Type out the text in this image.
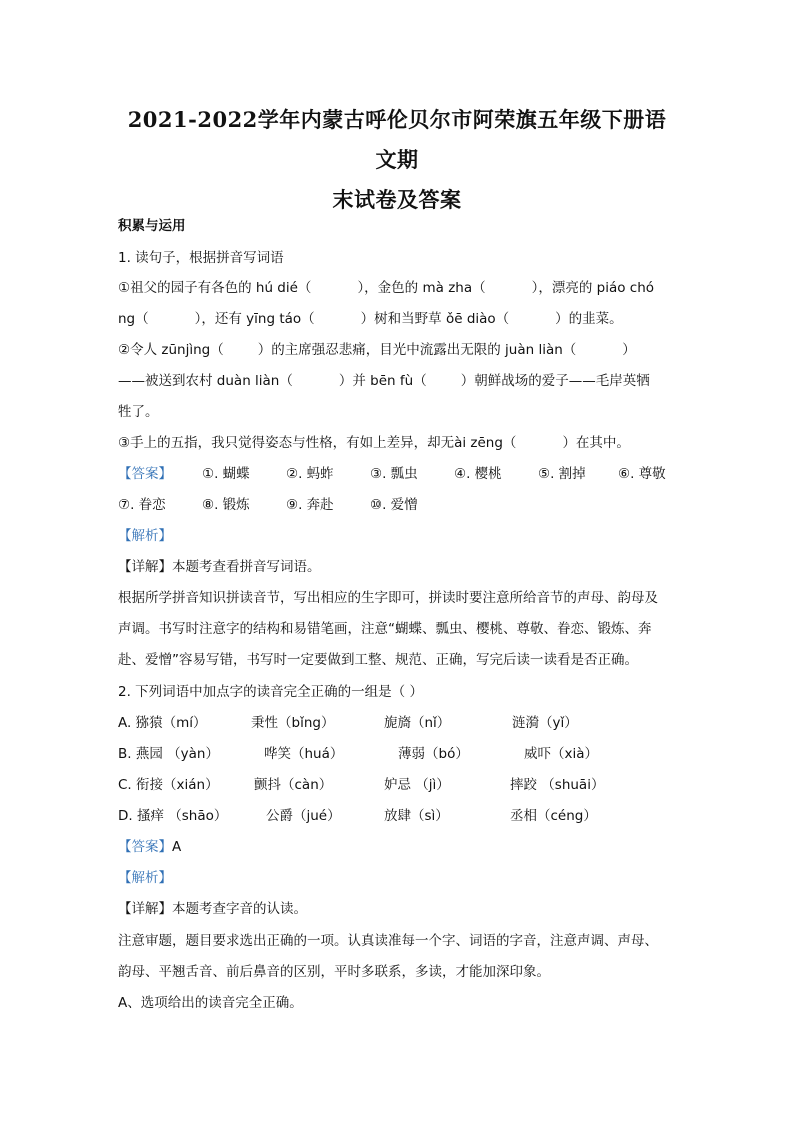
2021-2022学年内蒙古呼伦贝尔市阿荣旗五年级下册语文期
末试卷及答案
积累与运用
1. 读句子，根据拼音写词语
①祖父的园子有各色的 hú dié（	），金色的 mà zha（	），漂亮的 piáo chó
ng（	），还有 yīng táo（	）树和当野草 ǒē diào（	）的韭菜。
②令人 zūnjìng（	）的主席强忍悲痛，目光中流露出无限的 juàn liàn（	）
——被送到农村 duàn liàn（	）并 bēn fù（	）朝鲜战场的爱子——毛岸英牺
牲了。
③手上的五指，我只觉得姿态与性格，有如上差异，却无ài zēng（	）在其中。
【答案】 ①. 蝴蝶	②. 蚂蚱	③. 瓢虫	④. 樱桃	⑤. 割掉 ⑥. 尊敬
⑦. 眷恋	⑧. 锻炼	⑨. 奔赴	⑩. 爱憎
【解析】
【详解】本题考查看拼音写词语。
根据所学拼音知识拼读音节，写出相应的生字即可，拼读时要注意所给音节的声母、韵母及
声调。书写时注意字的结构和易错笔画，注意“蝴蝶、瓢虫、樱桃、尊敬、眷恋、锻炼、奔
赴、爱憎”容易写错，书写时一定要做到工整、规范、正确，写完后读一读看是否正确。
2. 下列词语中加点字的读音完全正确的一组是（ ）
A. 猕猿（mí）	秉性（bǐng）	旎旖（nǐ）	涟漪（yǐ）
B. 燕园 （yàn）	哗笑（huá）	薄弱（bó）	威吓（xià）
C. 衔接（xián）	颤抖（càn）	妒忌 （jì）	摔跤 （shuāi）
D. 搔痒 （shāo）	公爵（jué）	放肆（sì）	丞相（céng）
【答案】A
【解析】
【详解】本题考查字音的认读。
注意审题，题目要求选出正确的一项。认真读准每一个字、词语的字音，注意声调、声母、
韵母、平翘舌音、前后鼻音的区别，平时多联系，多读，才能加深印象。
A、选项给出的读音完全正确。
